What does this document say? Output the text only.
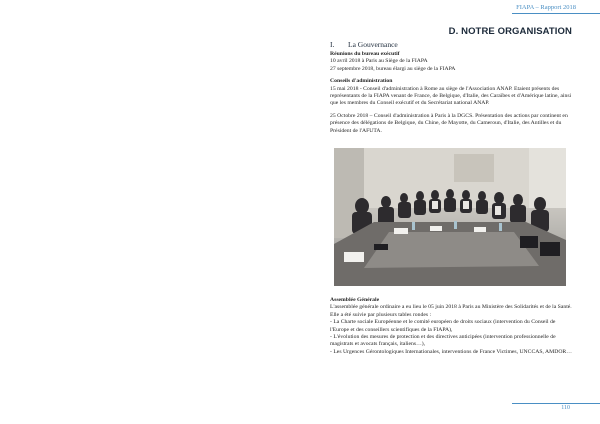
FIAPA – Rapport 2018
D. NOTRE ORGANISATION
I. La Gouvernance

Réunions du bureau exécutif

10 avril 2018 à Paris au Siège de la FIAPA

27 septembre 2018, bureau élargi au siège de la FIAPA

Conseils d'administration

15 mai 2018 - Conseil d'administration à Rome au siège de l'Association ANAP. Etaient présents des représentants de la FIAPA venant de France, de Belgique, d'Italie, des Caraïbes et d'Amérique latine, ainsi que les membres du Conseil exécutif et du Secrétariat national ANAP.

25 Octobre 2018 – Conseil d'administration à Paris à la DGCS. Présentation des actions par continent en présence des délégations de Belgique, du Chine, de Mayotte, du Cameroun, d'Italie, des Antilles et du Président de l'AFUTA.

Assemblée Générale

L'assemblée générale ordinaire a eu lieu le 05 juin 2018 à Paris au Ministère des Solidarités et de la Santé. Elle a été suivie par plusieurs tables rondes :

- La Charte sociale Européenne et le comité européen de droits sociaux (intervention du Conseil de l'Europe et des conseillers scientifiques de la FIAPA),

- L'évolution des mesures de protection et des directives anticipées (intervention professionnelle de magistrats et avocats français, italiens…),

- Les Urgences Gérontologiques Internationales, interventions de France Victimes, UNCCAS, AMDOR…

110
